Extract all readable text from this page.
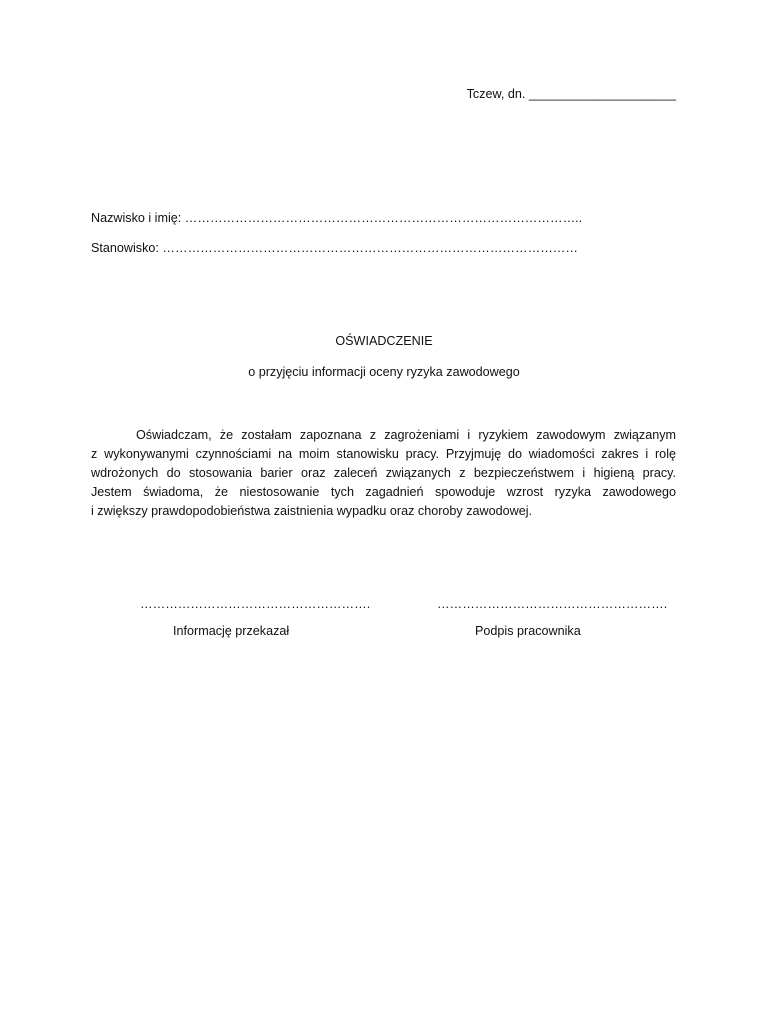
Tczew, dn. _____________________
Nazwisko i imię: …………………………………………………………………………………..
Stanowisko: ………………………………………………………………………………………
OŚWIADCZENIE
o przyjęciu informacji oceny ryzyka zawodowego
Oświadczam, że zostałam zapoznana z zagrożeniami i ryzykiem zawodowym związanym
z wykonywanymi czynnościami na moim stanowisku pracy. Przyjmuję do wiadomości zakres i rolę
wdrożonych do stosowania barier oraz zaleceń związanych z bezpieczeństwem i higieną pracy.
Jestem świadoma, że niestosowanie tych zagadnień spowoduje wzrost ryzyka zawodowego
i zwiększy prawdopodobieństwa zaistnienia wypadku oraz choroby zawodowej.
……………………………………………….	……………………………………………….
Informację przekazał	Podpis pracownika
